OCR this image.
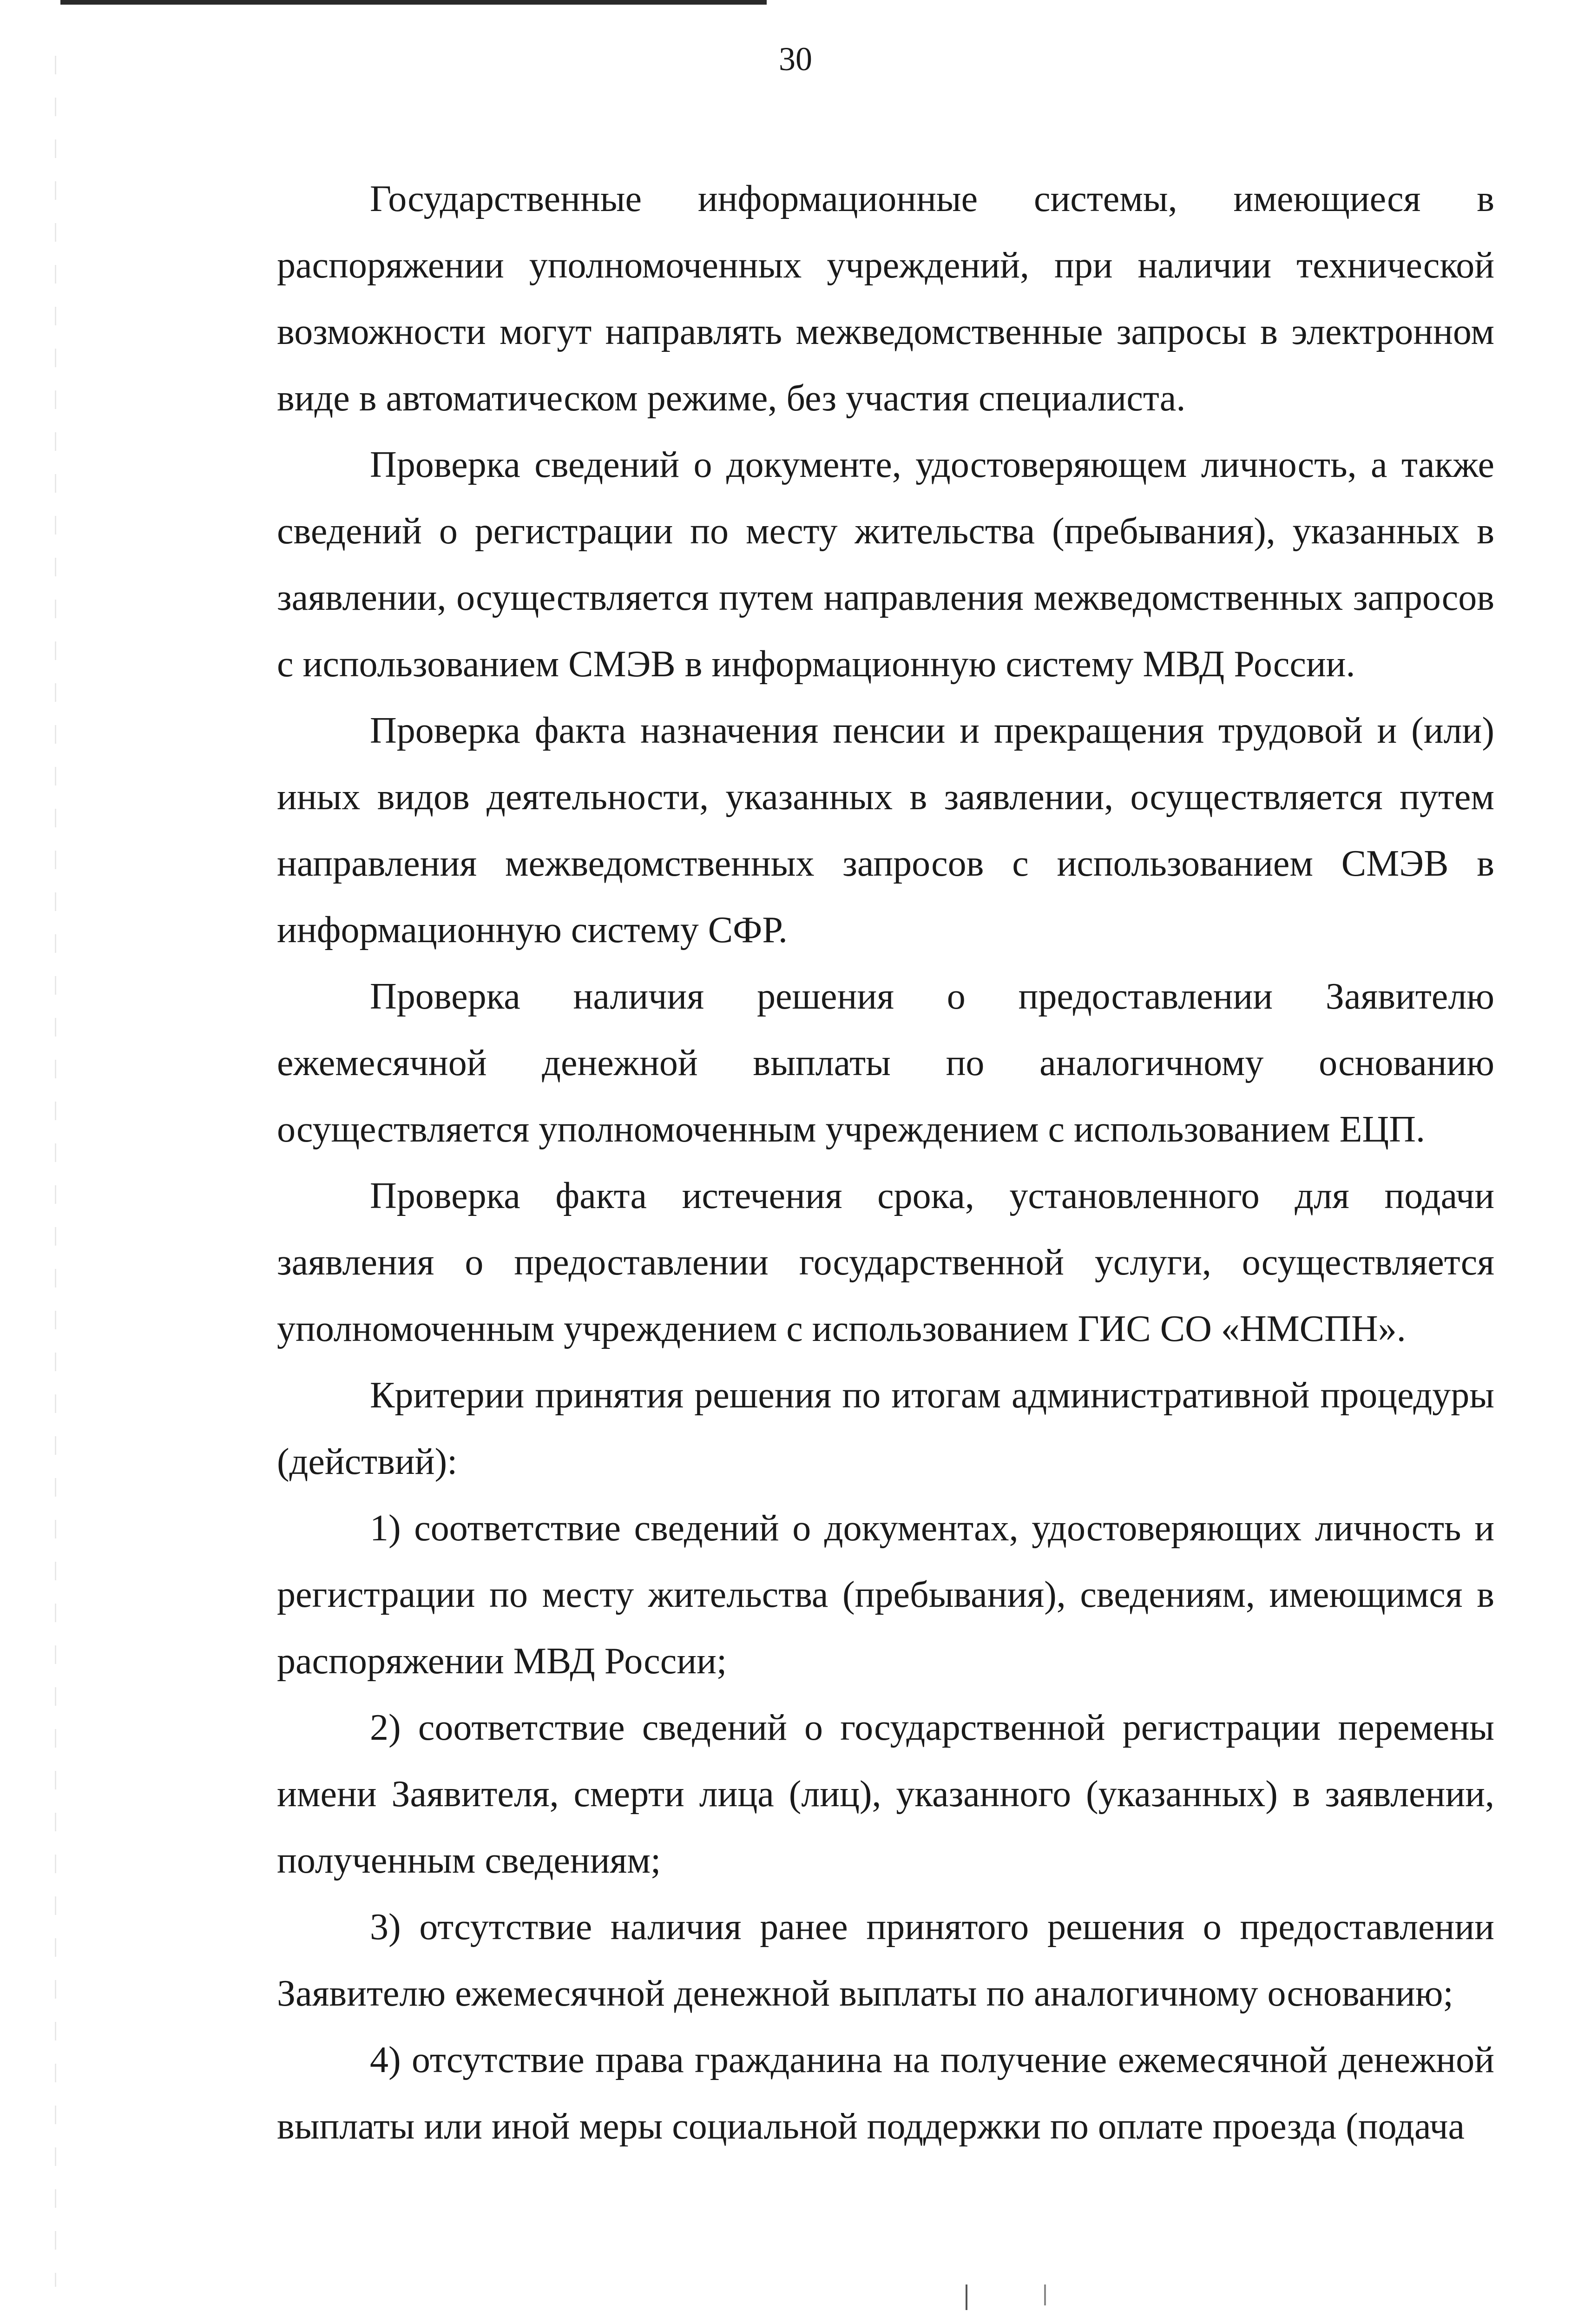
30

Государственные информационные системы, имеющиеся в распоряжении уполномоченных учреждений, при наличии технической возможности могут направлять межведомственные запросы в электронном виде в автоматическом режиме, без участия специалиста.

Проверка сведений о документе, удостоверяющем личность, а также сведений о регистрации по месту жительства (пребывания), указанных в заявлении, осуществляется путем направления межведомственных запросов с использованием СМЭВ в информационную систему МВД России.

Проверка факта назначения пенсии и прекращения трудовой и (или) иных видов деятельности, указанных в заявлении, осуществляется путем направления межведомственных запросов с использованием СМЭВ в информационную систему СФР.

Проверка наличия решения о предоставлении Заявителю ежемесячной денежной выплаты по аналогичному основанию осуществляется уполномоченным учреждением с использованием ЕЦП.

Проверка факта истечения срока, установленного для подачи заявления о предоставлении государственной услуги, осуществляется уполномоченным учреждением с использованием ГИС СО «НМСПН».

Критерии принятия решения по итогам административной процедуры (действий):

1) соответствие сведений о документах, удостоверяющих личность и регистрации по месту жительства (пребывания), сведениям, имеющимся в распоряжении МВД России;

2) соответствие сведений о государственной регистрации перемены имени Заявителя, смерти лица (лиц), указанного (указанных) в заявлении, полученным сведениям;

3) отсутствие наличия ранее принятого решения о предоставлении Заявителю ежемесячной денежной выплаты по аналогичному основанию;

4) отсутствие права гражданина на получение ежемесячной денежной выплаты или иной меры социальной поддержки по оплате проезда (подача
